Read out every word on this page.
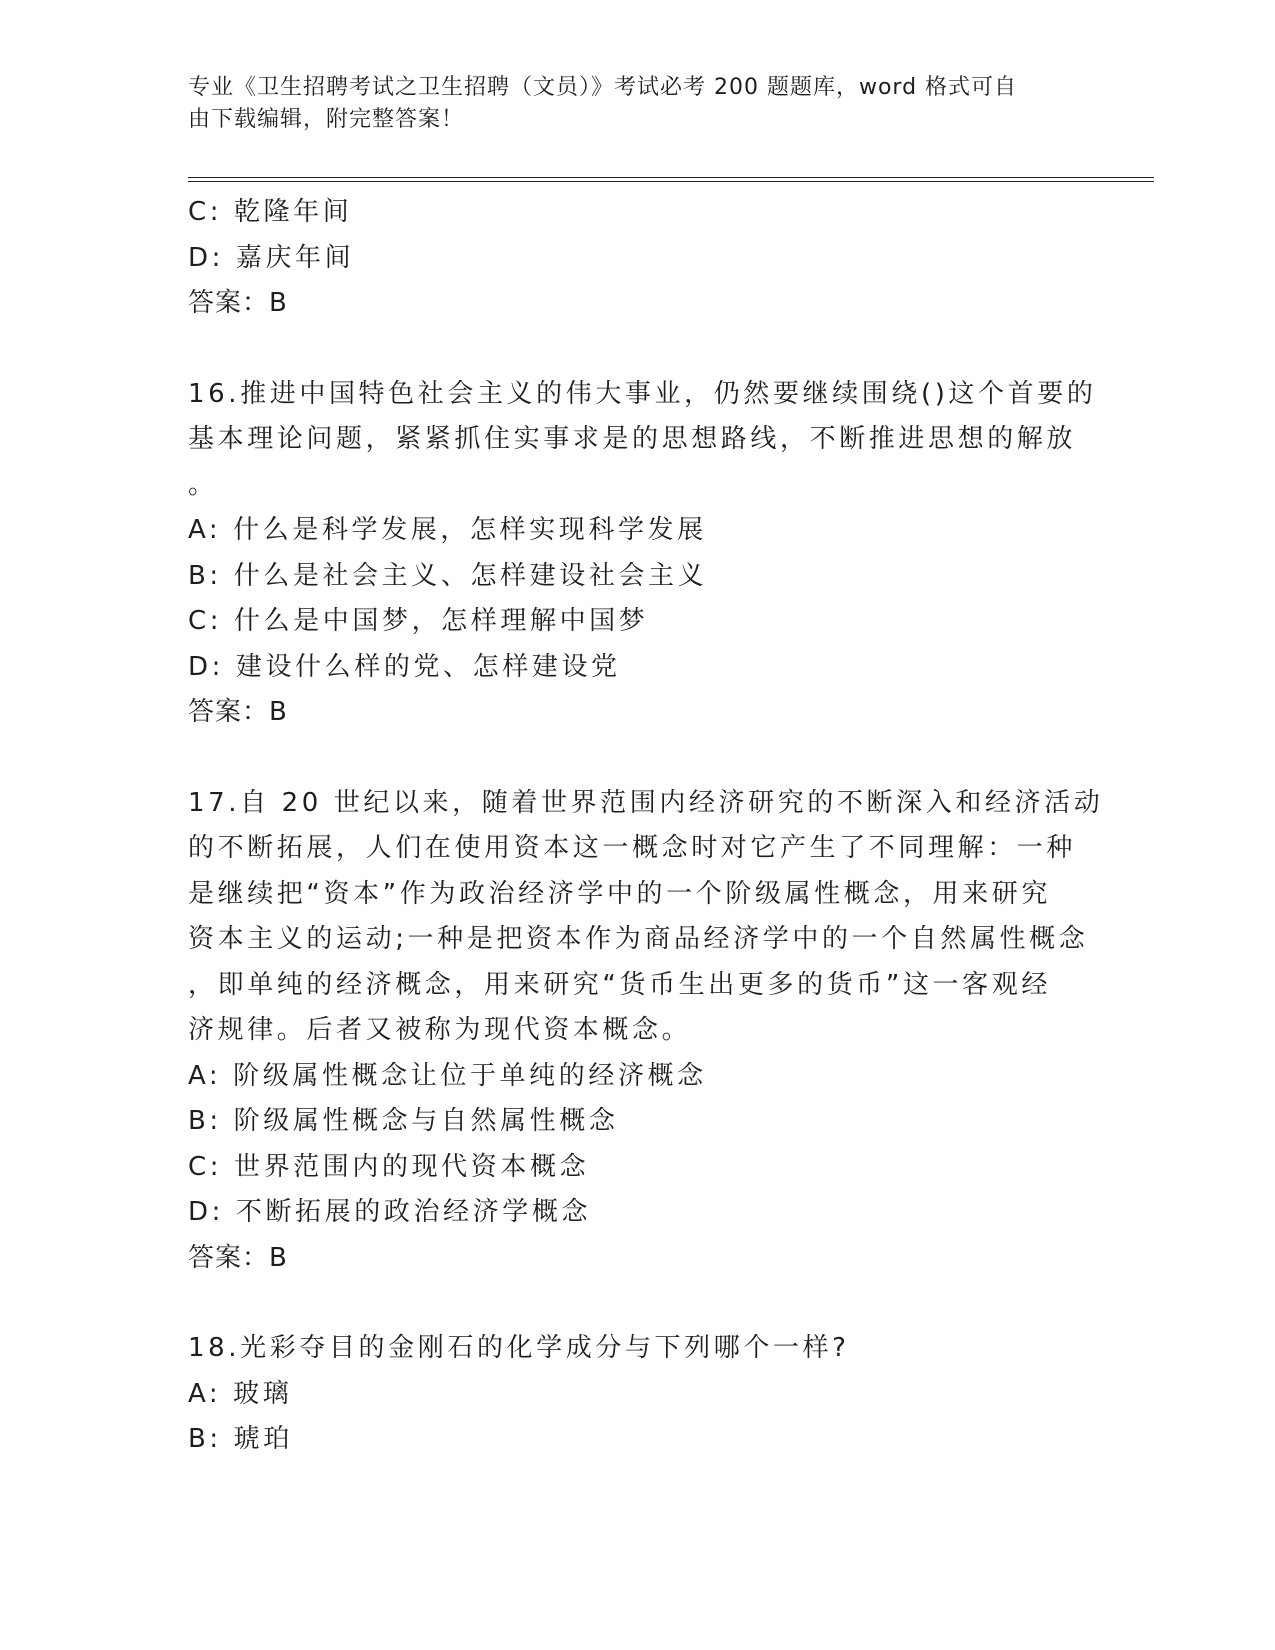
专业《卫生招聘考试之卫生招聘（文员）》考试必考 200 题题库，word 格式可自
由下载编辑，附完整答案！
C: 乾隆年间
D: 嘉庆年间
答案：B
16.推进中国特色社会主义的伟大事业，仍然要继续围绕()这个首要的
基本理论问题，紧紧抓住实事求是的思想路线，不断推进思想的解放
。
A: 什么是科学发展，怎样实现科学发展
B: 什么是社会主义、怎样建设社会主义
C: 什么是中国梦，怎样理解中国梦
D: 建设什么样的党、怎样建设党
答案：B
17.自 20 世纪以来，随着世界范围内经济研究的不断深入和经济活动
的不断拓展，人们在使用资本这一概念时对它产生了不同理解：一种
是继续把“资本”作为政治经济学中的一个阶级属性概念，用来研究
资本主义的运动;一种是把资本作为商品经济学中的一个自然属性概念
，即单纯的经济概念，用来研究“货币生出更多的货币”这一客观经
济规律。后者又被称为现代资本概念。
A: 阶级属性概念让位于单纯的经济概念
B: 阶级属性概念与自然属性概念
C: 世界范围内的现代资本概念
D: 不断拓展的政治经济学概念
答案：B
18.光彩夺目的金刚石的化学成分与下列哪个一样?
A: 玻璃
B: 琥珀
